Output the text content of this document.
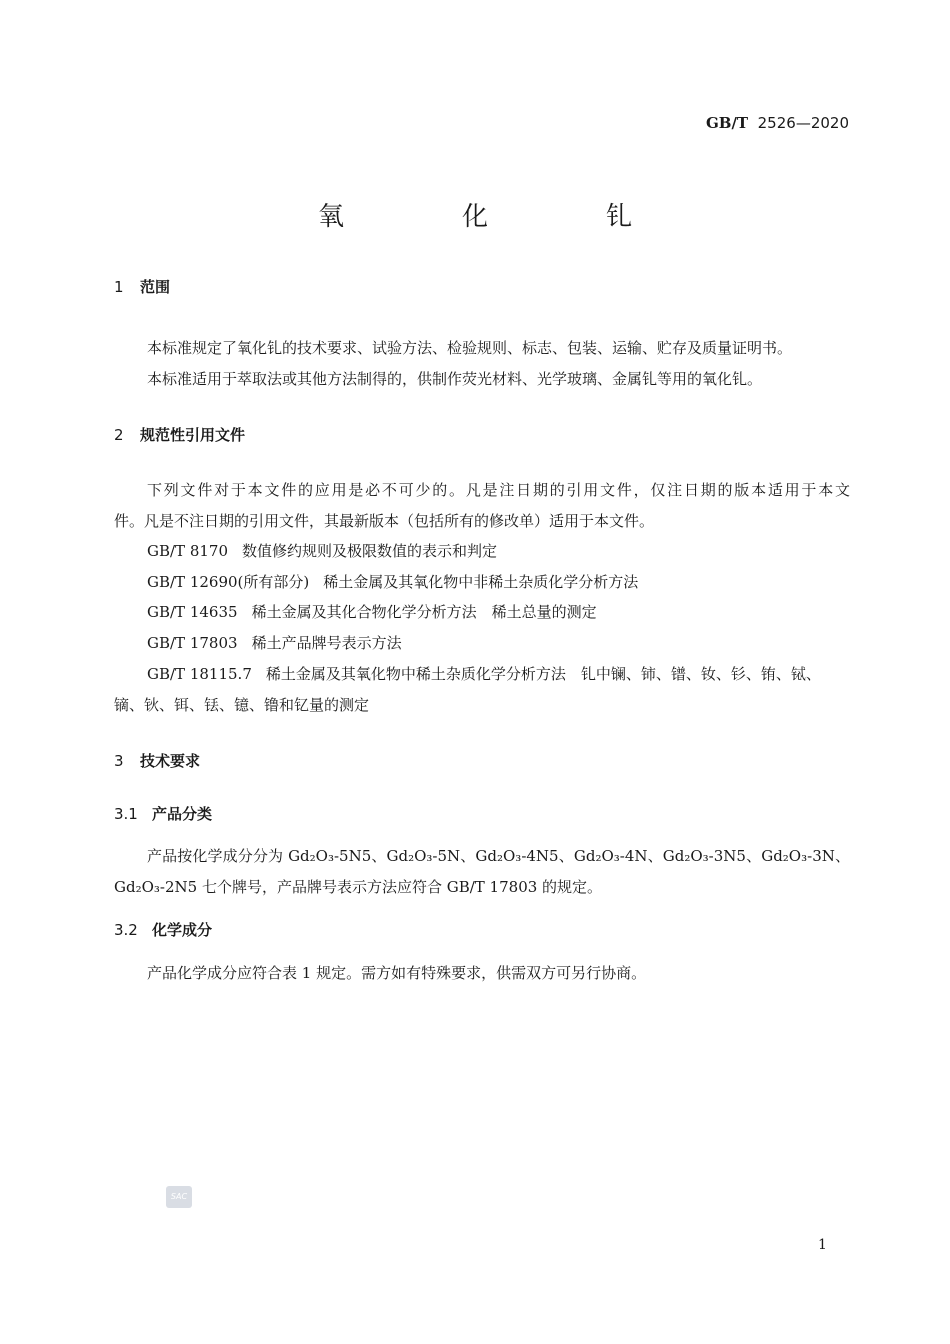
GB/T 2526—2020
氧　化　钆
1 范围
本标准规定了氧化钆的技术要求、试验方法、检验规则、标志、包装、运输、贮存及质量证明书。
本标准适用于萃取法或其他方法制得的，供制作荧光材料、光学玻璃、金属钆等用的氧化钆。
2 规范性引用文件
下列文件对于本文件的应用是必不可少的。凡是注日期的引用文件，仅注日期的版本适用于本文
件。凡是不注日期的引用文件，其最新版本（包括所有的修改单）适用于本文件。
GB/T 8170 数值修约规则及极限数值的表示和判定
GB/T 12690(所有部分) 稀土金属及其氧化物中非稀土杂质化学分析方法
GB/T 14635 稀土金属及其化合物化学分析方法　稀土总量的测定
GB/T 17803 稀土产品牌号表示方法
GB/T 18115.7 稀土金属及其氧化物中稀土杂质化学分析方法　钆中镧、铈、镨、钕、钐、铕、铽、
镝、钬、铒、铥、镱、镥和钇量的测定
3 技术要求
3.1 产品分类
产品按化学成分分为 Gd₂O₃-5N5、Gd₂O₃-5N、Gd₂O₃-4N5、Gd₂O₃-4N、Gd₂O₃-3N5、Gd₂O₃-3N、
Gd₂O₃-2N5 七个牌号，产品牌号表示方法应符合 GB/T 17803 的规定。
3.2 化学成分
产品化学成分应符合表 1 规定。需方如有特殊要求，供需双方可另行协商。
SAC
1
